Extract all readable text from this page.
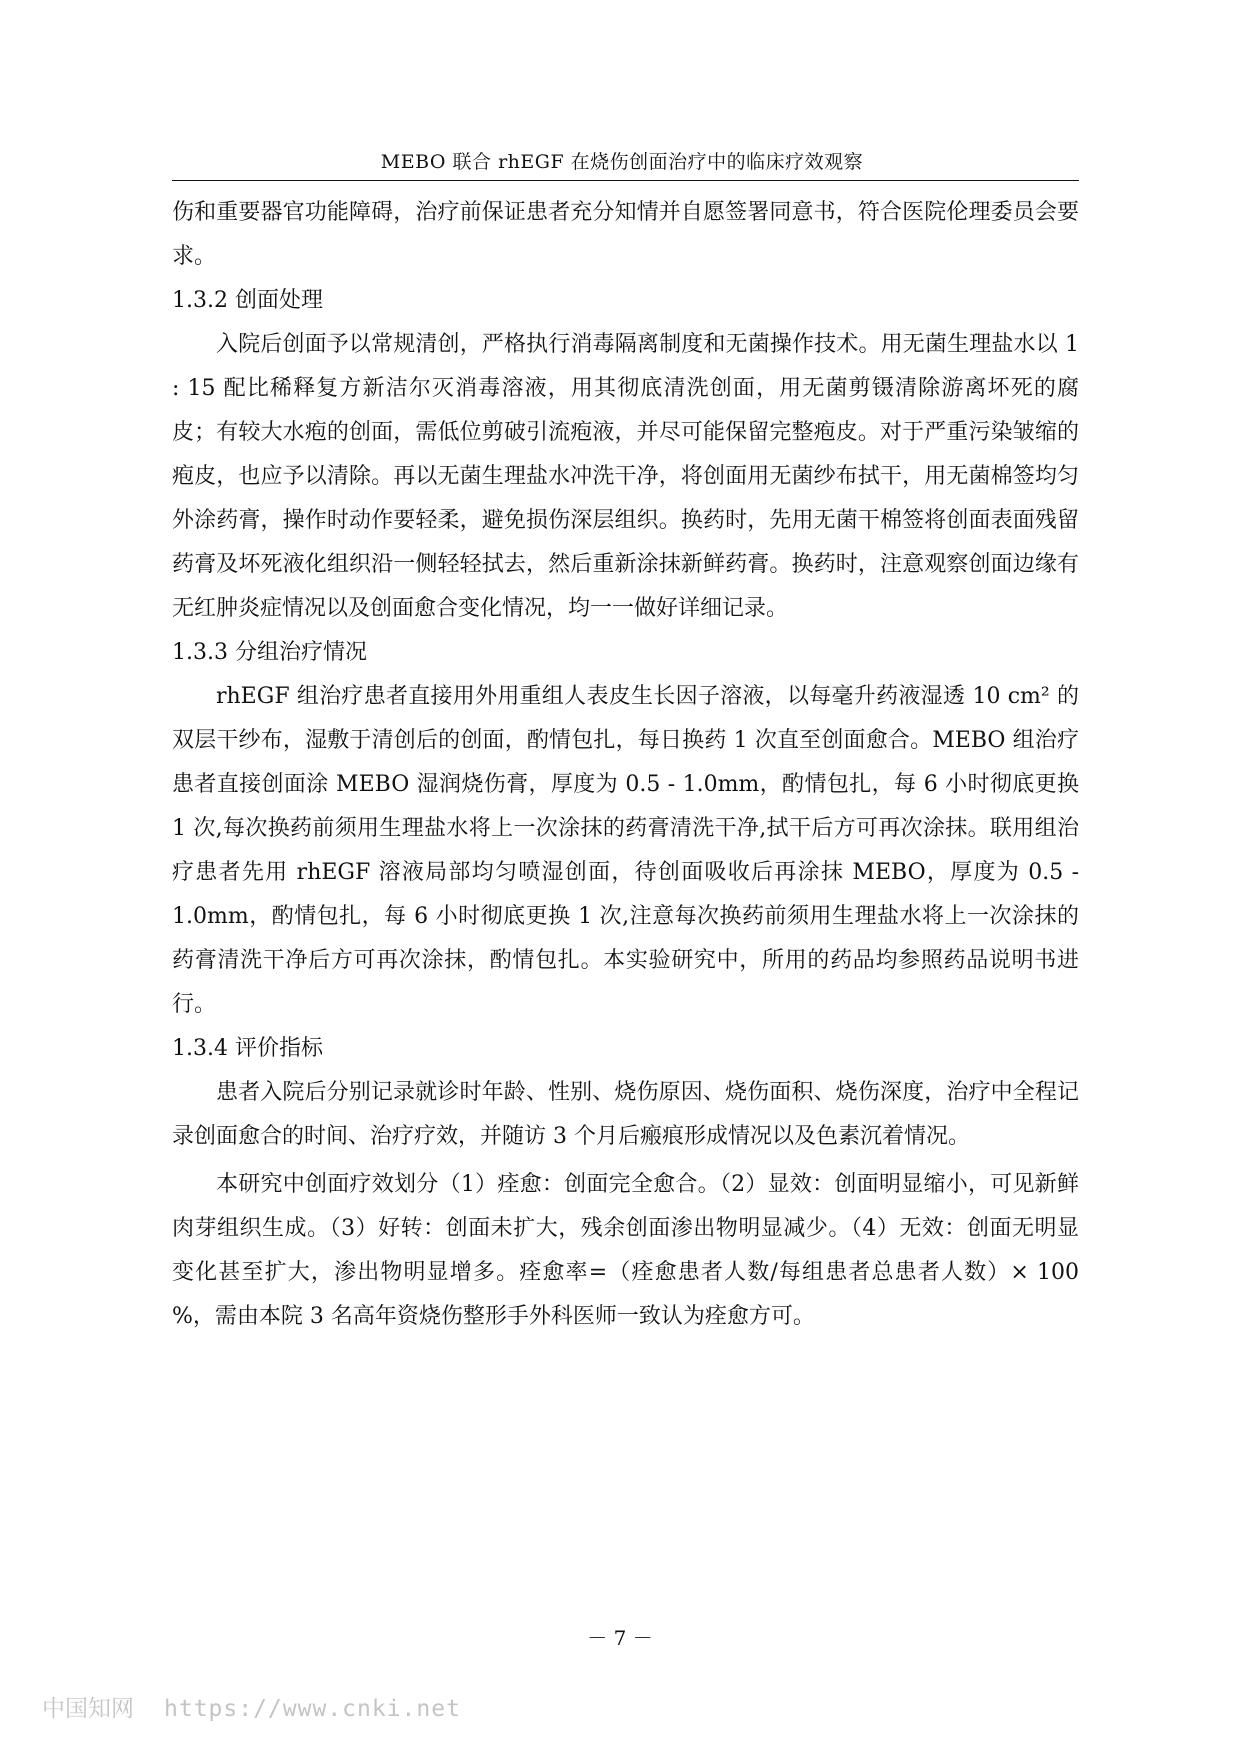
MEBO 联合 rhEGF 在烧伤创面治疗中的临床疗效观察

伤和重要器官功能障碍，治疗前保证患者充分知情并自愿签署同意书，符合医院伦理委员会要求。

1.3.2 创面处理

入院后创面予以常规清创，严格执行消毒隔离制度和无菌操作技术。用无菌生理盐水以 1 : 15 配比稀释复方新洁尔灭消毒溶液，用其彻底清洗创面，用无菌剪镊清除游离坏死的腐皮；有较大水疱的创面，需低位剪破引流疱液，并尽可能保留完整疱皮。对于严重污染皱缩的疱皮，也应予以清除。再以无菌生理盐水冲洗干净，将创面用无菌纱布拭干，用无菌棉签均匀外涂药膏，操作时动作要轻柔，避免损伤深层组织。换药时，先用无菌干棉签将创面表面残留药膏及坏死液化组织沿一侧轻轻拭去，然后重新涂抹新鲜药膏。换药时，注意观察创面边缘有无红肿炎症情况以及创面愈合变化情况，均一一做好详细记录。

1.3.3 分组治疗情况

rhEGF 组治疗患者直接用外用重组人表皮生长因子溶液，以每毫升药液湿透 10 cm² 的双层干纱布，湿敷于清创后的创面，酌情包扎，每日换药 1 次直至创面愈合。MEBO 组治疗患者直接创面涂 MEBO 湿润烧伤膏，厚度为 0.5 - 1.0mm，酌情包扎，每 6 小时彻底更换 1 次,每次换药前须用生理盐水将上一次涂抹的药膏清洗干净,拭干后方可再次涂抹。联用组治疗患者先用 rhEGF 溶液局部均匀喷湿创面，待创面吸收后再涂抹 MEBO，厚度为 0.5 - 1.0mm，酌情包扎，每 6 小时彻底更换 1 次,注意每次换药前须用生理盐水将上一次涂抹的药膏清洗干净后方可再次涂抹，酌情包扎。本实验研究中，所用的药品均参照药品说明书进行。

1.3.4 评价指标

患者入院后分别记录就诊时年龄、性别、烧伤原因、烧伤面积、烧伤深度，治疗中全程记录创面愈合的时间、治疗疗效，并随访 3 个月后瘢痕形成情况以及色素沉着情况。

本研究中创面疗效划分（1）痊愈：创面完全愈合。（2）显效：创面明显缩小，可见新鲜肉芽组织生成。（3）好转：创面未扩大，残余创面渗出物明显减少。（4）无效：创面无明显变化甚至扩大，渗出物明显增多。痊愈率=（痊愈患者人数/每组患者总患者人数）× 100 %，需由本院 3 名高年资烧伤整形手外科医师一致认为痊愈方可。

－ 7 －
中国知网 https://www.cnki.net
